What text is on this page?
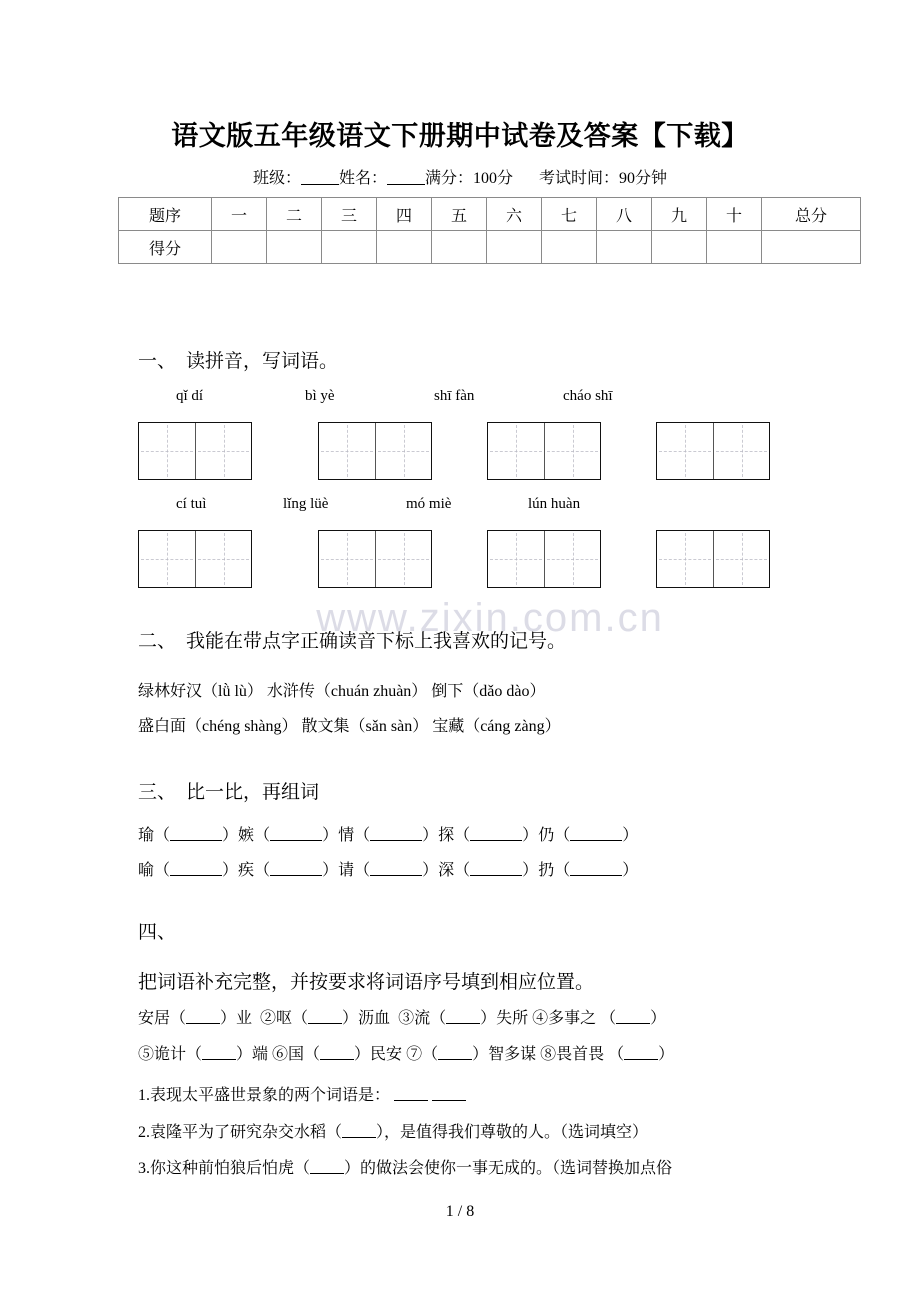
www.zixin.com.cn
语文版五年级语文下册期中试卷及答案【下载】
班级： 姓名： 满分：100分 考试时间：90分钟
题序	一	二	三	四	五	六	七	八	九	十	总分
得分											
一、 读拼音，写词语。
qǐ dí	bì yè	shī fàn	cháo shī
cí tuì	lǐng lüè	mó miè	lún huàn
二、 我能在带点字正确读音下标上我喜欢的记号。
绿林好汉（lǜ lù） 水浒传（chuán zhuàn） 倒下（dǎo dào）
盛白面（chéng shàng） 散文集（sǎn sàn） 宝藏（cáng zàng）
三、 比一比，再组词
瑜（	）嫉（	）情（	）探（	）仍（	）
喻（	）疾（	）请（	）深（	）扔（	）
四、
把词语补充完整，并按要求将词语序号填到相应位置。
安居（ ）业 ②呕（ ）沥血 ③流（ ）失所 ④多事之 （ ）
⑤诡计（ ）端 ⑥国（ ）民安 ⑦（ ）智多谋 ⑧畏首畏 （ ）
1.表现太平盛世景象的两个词语是：
2.袁隆平为了研究杂交水稻（ ），是值得我们尊敬的人。（选词填空）
3.你这种前怕狼后怕虎（ ）的做法会使你一事无成的。（选词替换加点俗
1 / 8
